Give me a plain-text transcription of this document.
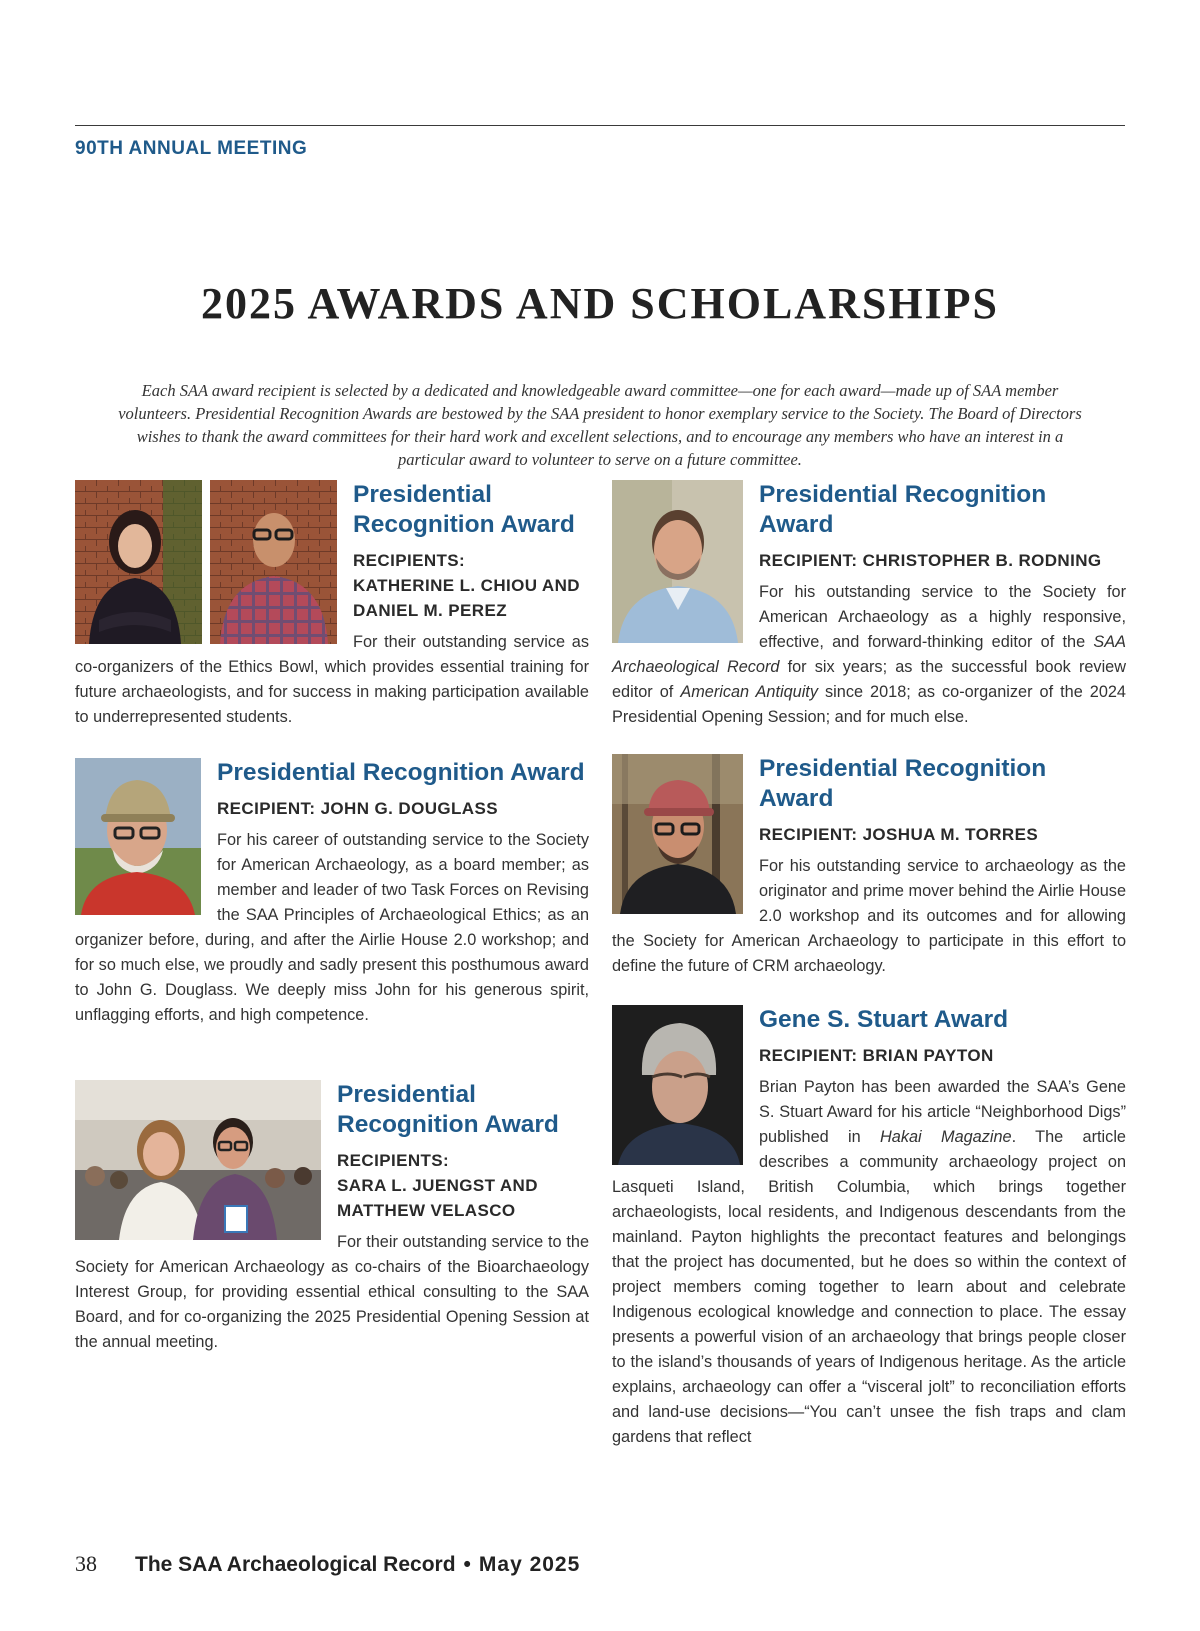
90TH ANNUAL MEETING
2025 AWARDS AND SCHOLARSHIPS
Each SAA award recipient is selected by a dedicated and knowledgeable award committee—one for each award—made up of SAA member volunteers. Presidential Recognition Awards are bestowed by the SAA president to honor exemplary service to the Society. The Board of Directors wishes to thank the award committees for their hard work and excellent selections, and to encourage any members who have an interest in a particular award to volunteer to serve on a future committee.
Presidential Recognition Award
RECIPIENTS:
KATHERINE L. CHIOU AND DANIEL M. PEREZ

For their outstanding service as co-organizers of the Ethics Bowl, which provides essential training for future archaeologists, and for success in making participation available to underrepresented students.

Presidential Recognition Award
RECIPIENT: JOHN G. DOUGLASS

For his career of outstanding service to the Society for American Archaeology, as a board member; as member and leader of two Task Forces on Revising the SAA Principles of Archaeological Ethics; as an organizer before, during, and after the Airlie House 2.0 workshop; and for so much else, we proudly and sadly present this posthumous award to John G. Douglass. We deeply miss John for his generous spirit, unflagging efforts, and high competence.

Presidential Recognition Award
RECIPIENTS:
SARA L. JUENGST AND MATTHEW VELASCO

For their outstanding service to the Society for American Archaeology as co-chairs of the Bioarchaeology Interest Group, for providing essential ethical consulting to the SAA Board, and for co-organizing the 2025 Presidential Opening Session at the annual meeting.

Presidential Recognition Award
RECIPIENT: CHRISTOPHER B. RODNING

For his outstanding service to the Society for American Archaeology as a highly responsive, effective, and forward-thinking editor of the SAA Archaeological Record for six years; as the successful book review editor of American Antiquity since 2018; as co-organizer of the 2024 Presidential Opening Session; and for much else.

Presidential Recognition Award
RECIPIENT: JOSHUA M. TORRES

For his outstanding service to archaeology as the originator and prime mover behind the Airlie House 2.0 workshop and its outcomes and for allowing the Society for American Archaeology to participate in this effort to define the future of CRM archaeology.

Gene S. Stuart Award
RECIPIENT: BRIAN PAYTON

Brian Payton has been awarded the SAA’s Gene S. Stuart Award for his article “Neighborhood Digs” published in Hakai Magazine. The article describes a community archaeology project on Lasqueti Island, British Columbia, which brings together archaeologists, local residents, and Indigenous descendants from the mainland. Payton highlights the precontact features and belongings that the project has documented, but he does so within the context of project members coming together to learn about and celebrate Indigenous ecological knowledge and connection to place. The essay presents a powerful vision of an archaeology that brings people closer to the island’s thousands of years of Indigenous heritage. As the article explains, archaeology can offer a “visceral jolt” to reconciliation efforts and land-use decisions—“You can’t unsee the fish traps and clam gardens that reflect

38 The SAA Archaeological Record • May 2025
